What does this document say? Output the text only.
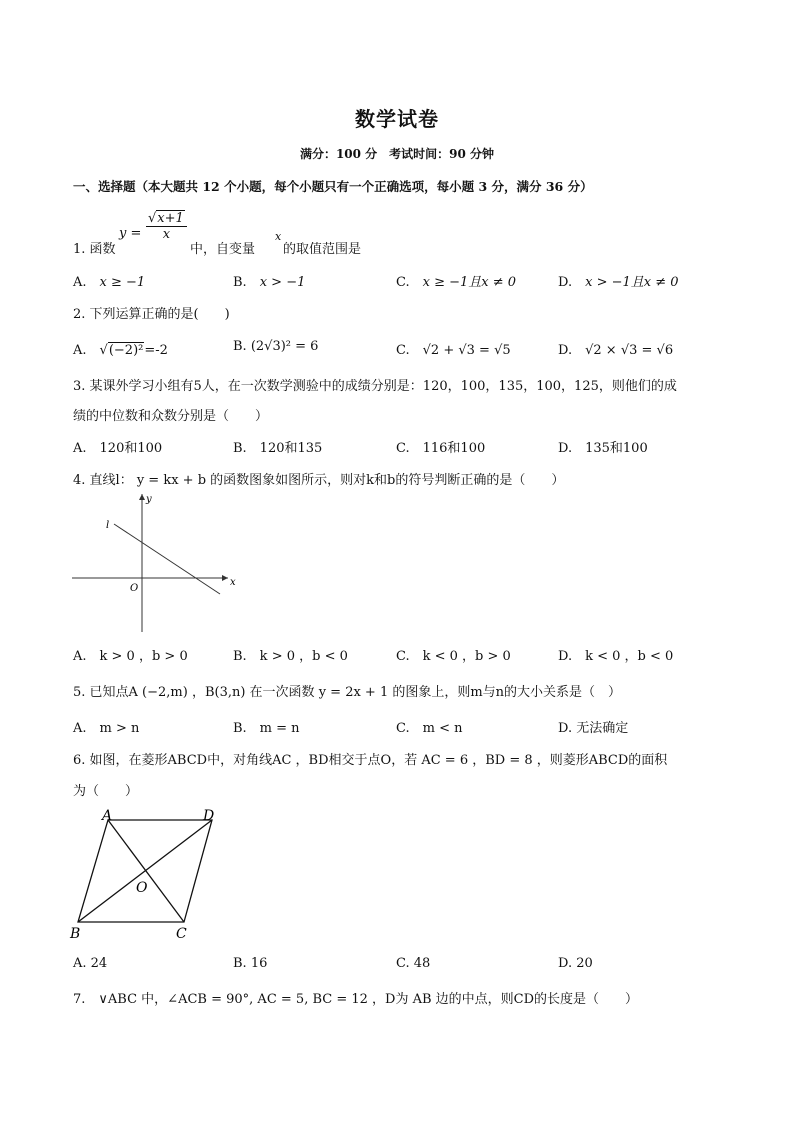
数学试卷
满分：100 分　考试时间：90 分钟
一、选择题（本大题共 12 个小题，每个小题只有一个正确选项，每小题 3 分，满分 36 分）
1. 函数
$y = \frac{√x+1}{x}$
中，自变量
x
的取值范围是
A.　 x ≥ −1	B.　 x > −1	C.　 x ≥ −1且x ≠ 0	D.　 x > −1且x ≠ 0
2. 下列运算正确的是(　　)
A.　√(−2)²=-2	B. (2√3)² = 6	C.　 √2 + √3 = √5	D.　 √2 × √3 = √6
3. 某课外学习小组有5人，在一次数学测验中的成绩分别是：120，100，135，100，125，则他们的成
绩的中位数和众数分别是（　　）
A.　120和100	B.　120和135	C.　116和100	D.　135和100
4. 直线l： y = kx + b 的函数图象如图所示，则对k和b的符号判断正确的是（　　）
x
y
O
l
A.　k > 0 ，b > 0	B.　k > 0 ，b < 0	C.　k < 0 ，b > 0	D.　k < 0 ，b < 0
5. 已知点A (−2,m) ，B(3,n) 在一次函数 y = 2x + 1 的图象上，则m与n的大小关系是（　）
A.　m > n	B.　m = n	C.　m < n	D. 无法确定
6. 如图，在菱形ABCD中，对角线AC ，BD相交于点O，若 AC = 6 ，BD = 8 ，则菱形ABCD的面积
为（　　）
A	D
B	C
O
A. 24	B. 16	C. 48	D. 20
7.　∨ABC 中，∠ACB = 90°, AC = 5, BC = 12 ，D为 AB 边的中点，则CD的长度是（　　）
